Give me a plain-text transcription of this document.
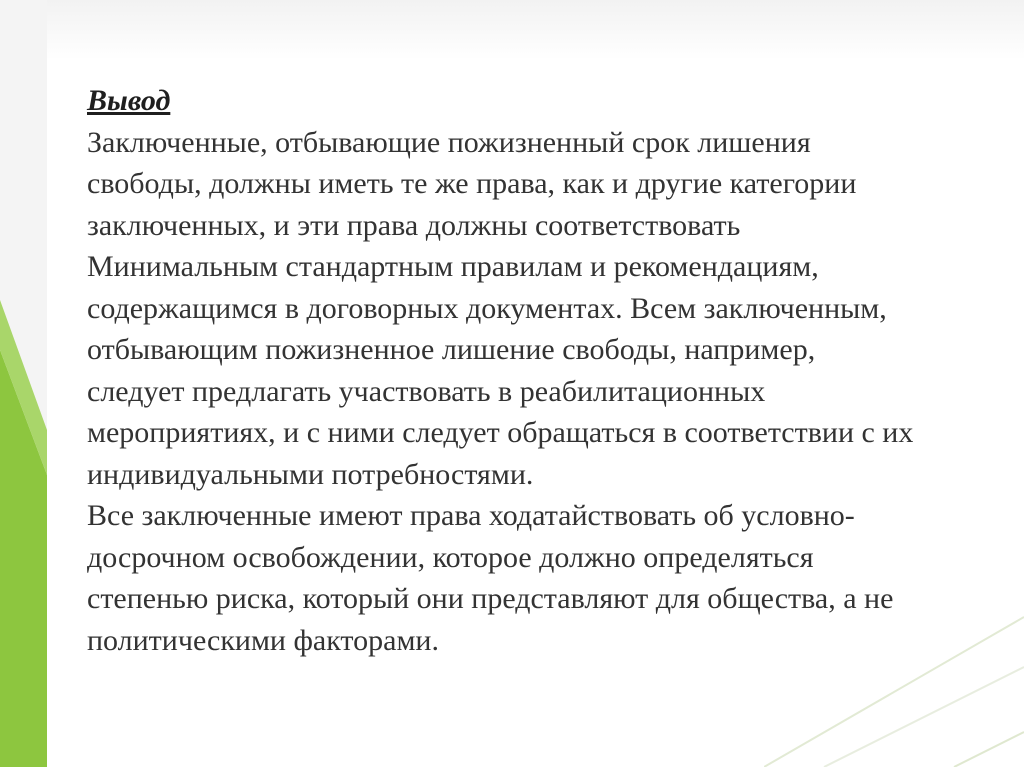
Вывод

Заключенные, отбывающие пожизненный срок лишения
свободы, должны иметь те же права, как и другие категории
заключенных, и эти права должны соответствовать
Минимальным стандартным правилам и рекомендациям,
содержащимся в договорных документах. Всем заключенным,
отбывающим пожизненное лишение свободы, например,
следует предлагать участвовать в реабилитационных
мероприятиях, и с ними следует обращаться в соответствии с их
индивидуальными потребностями.

Все заключенные имеют права ходатайствовать об условно-
досрочном освобождении, которое должно определяться
степенью риска, который они представляют для общества, а не
политическими факторами.
